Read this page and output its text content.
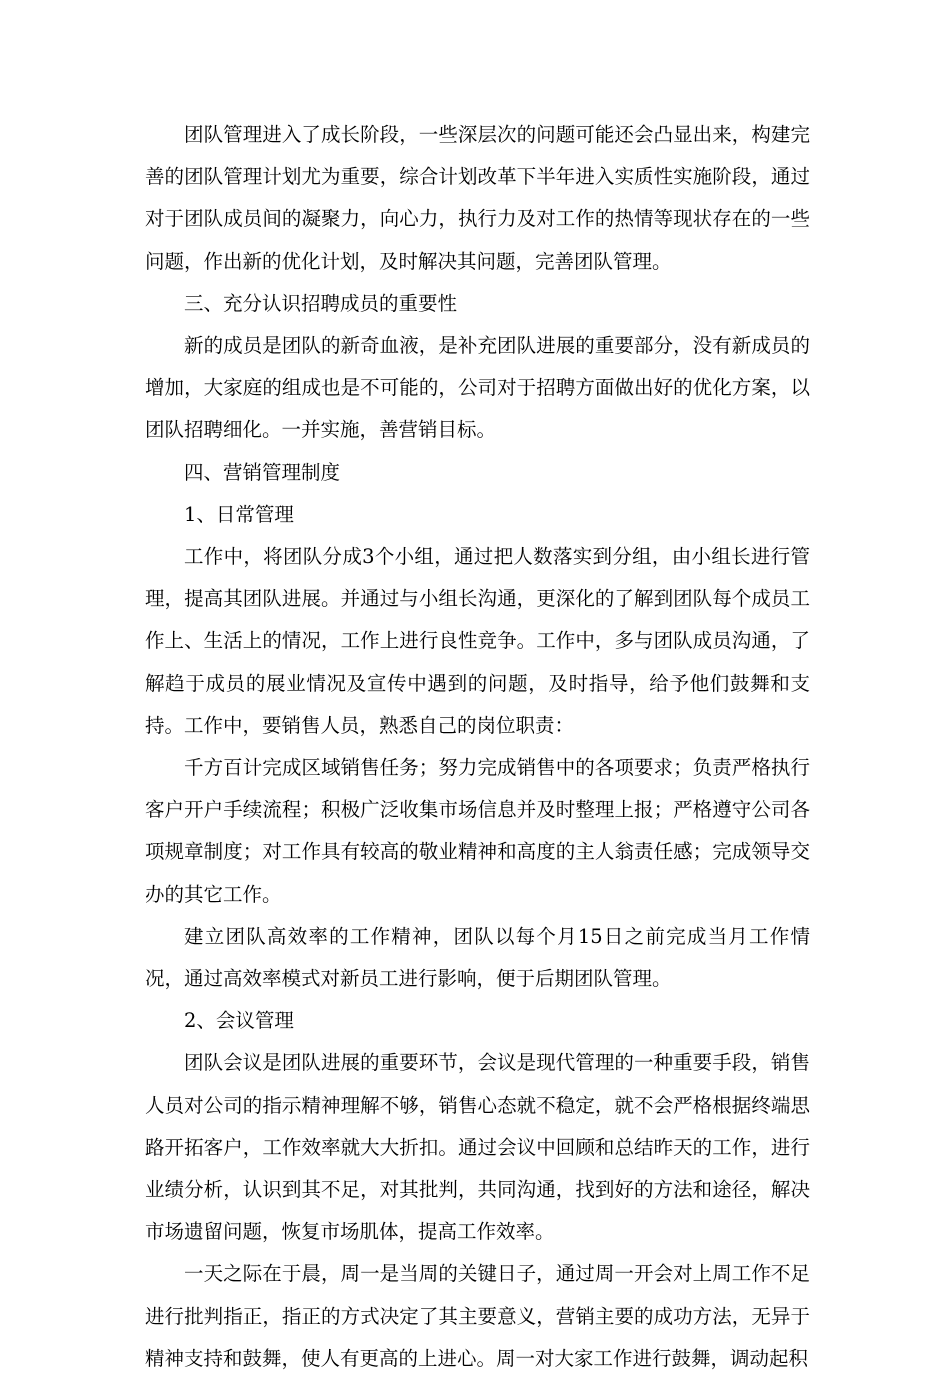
团队管理进入了成长阶段，一些深层次的问题可能还会凸显出来，构建完善的团队管理计划尤为重要，综合计划改革下半年进入实质性实施阶段，通过对于团队成员间的凝聚力，向心力，执行力及对工作的热情等现状存在的一些问题，作出新的优化计划，及时解决其问题，完善团队管理。

三、充分认识招聘成员的重要性

新的成员是团队的新奇血液，是补充团队进展的重要部分，没有新成员的增加，大家庭的组成也是不可能的，公司对于招聘方面做出好的优化方案，以团队招聘细化。一并实施，善营销目标。

四、营销管理制度

1、日常管理

工作中，将团队分成3个小组，通过把人数落实到分组，由小组长进行管理，提高其团队进展。并通过与小组长沟通，更深化的了解到团队每个成员工作上、生活上的情况，工作上进行良性竞争。工作中，多与团队成员沟通，了解趋于成员的展业情况及宣传中遇到的问题，及时指导，给予他们鼓舞和支持。工作中，要销售人员，熟悉自己的岗位职责：

千方百计完成区域销售任务；努力完成销售中的各项要求；负责严格执行客户开户手续流程；积极广泛收集市场信息并及时整理上报；严格遵守公司各项规章制度；对工作具有较高的敬业精神和高度的主人翁责任感；完成领导交办的其它工作。

建立团队高效率的工作精神，团队以每个月15日之前完成当月工作情况，通过高效率模式对新员工进行影响，便于后期团队管理。

2、会议管理

团队会议是团队进展的重要环节，会议是现代管理的一种重要手段，销售人员对公司的指示精神理解不够，销售心态就不稳定，就不会严格根据终端思路开拓客户，工作效率就大大折扣。通过会议中回顾和总结昨天的工作，进行业绩分析，认识到其不足，对其批判，共同沟通，找到好的方法和途径，解决市场遗留问题，恢复市场肌体，提高工作效率。

一天之际在于晨，周一是当周的关键日子，通过周一开会对上周工作不足进行批判指正，指正的方式决定了其主要意义，营销主要的成功方法，无异于精神支持和鼓舞，使人有更高的上进心。周一对大家工作进行鼓舞，调动起积
